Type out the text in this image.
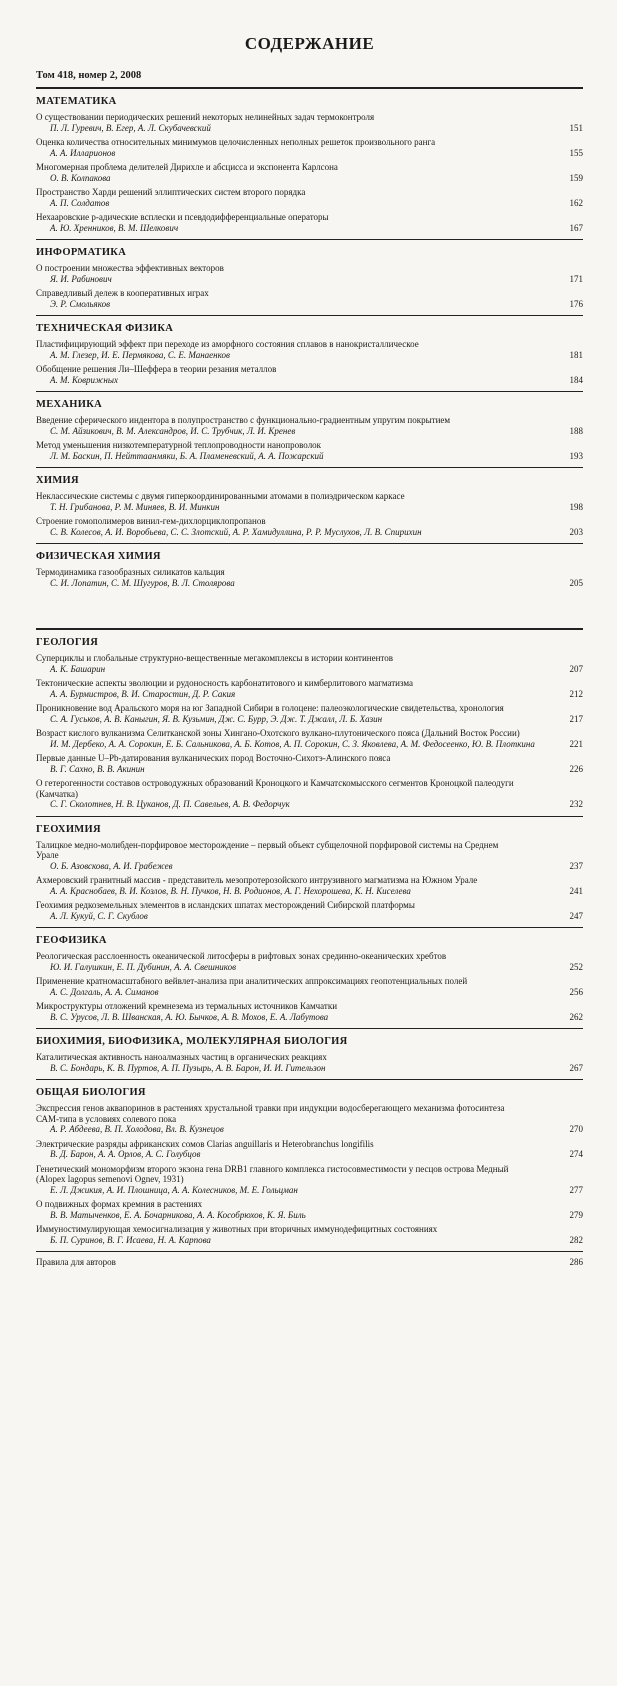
СОДЕРЖАНИЕ
Том 418, номер 2, 2008
МАТЕМАТИКА
О существовании периодических решений некоторых нелинейных задач термоконтроля
П. Л. Гуревич, В. Егер, А. Л. Скубачевский	151
Оценка количества относительных минимумов целочисленных неполных решеток произвольного ранга
А. А. Илларионов	155
Многомерная проблема делителей Дирихле и абсцисса и экспонента Карлсона
О. В. Колпакова	159
Пространство Харди решений эллиптических систем второго порядка
А. П. Солдатов	162
Нехааровские р-адические всплески и псевдодифференциальные операторы
А. Ю. Хренников, В. М. Шелкович	167
ИНФОРМАТИКА
О построении множества эффективных векторов
Я. И. Рабинович	171
Справедливый дележ в кооперативных играх
Э. Р. Смольяков	176
ТЕХНИЧЕСКАЯ ФИЗИКА
Пластифицирующий эффект при переходе из аморфного состояния сплавов в нанокристаллическое
А. М. Глезер, И. Е. Пермякова, С. Е. Манаенков	181
Обобщение решения Ли–Шеффера в теории резания металлов
А. М. Коврижных	184
МЕХАНИКА
Введение сферического индентора в полупространство с функционально-градиентным упругим покрытием
С. М. Айзикович, В. М. Александров, И. С. Трубчик, Л. И. Кренев	188
Метод уменьшения низкотемпературной теплопроводности нанопроволок
Л. М. Баскин, П. Нейттаанмяки, Б. А. Пламеневский, А. А. Пожарский	193
ХИМИЯ
Неклассические системы с двумя гиперкоординированными атомами в полиэдрическом каркасе
Т. Н. Грибанова, Р. М. Миняев, В. И. Минкин	198
Строение гомополимеров винил-гем-дихлорциклопропанов
С. В. Колесов, А. И. Воробьева, С. С. Злотский, А. Р. Хамидуллина, Р. Р. Муслухов, Л. В. Спирихин	203
ФИЗИЧЕСКАЯ ХИМИЯ
Термодинамика газообразных силикатов кальция
С. И. Лопатин, С. М. Шугуров, В. Л. Столярова	205
ГЕОЛОГИЯ
Суперциклы и глобальные структурно-вещественные мегакомплексы в истории континентов
А. К. Башарин	207
Тектонические аспекты эволюции и рудоносность карбонатитового и кимберлитового магматизма
А. А. Бурмистров, В. И. Старостин, Д. Р. Сакия	212
Проникновение вод Аральского моря на юг Западной Сибири в голоцене: палеоэкологические свидетельства, хронология
С. А. Гуськов, А. В. Каныгин, Я. В. Кузьмин, Дж. С. Бурр, Э. Дж. Т. Джалл, Л. Б. Хазин	217
Возраст кислого вулканизма Селитканской зоны Хингано-Охотского вулкано-плутонического пояса (Дальний Восток России)
И. М. Дербеко, А. А. Сорокин, Е. Б. Сальникова, А. Б. Котов, А. П. Сорокин, С. З. Яковлева, А. М. Федосеенко, Ю. В. Плоткина	221
Первые данные U–Pb-датирования вулканических пород Восточно-Сихотэ-Алинского пояса
В. Г. Сахно, В. В. Акинин	226
О гетерогенности составов островодужных образований Кроноцкого и Камчатскомысского сегментов Кроноцкой палеодуги (Камчатка)
С. Г. Сколотнев, Н. В. Цуканов, Д. П. Савельев, А. В. Федорчук	232
ГЕОХИМИЯ
Талицкое медно-молибден-порфировое месторождение – первый объект субщелочной порфировой системы на Среднем Урале
О. Б. Азовскова, А. И. Грабежев	237
Ахмеровский гранитный массив - представитель мезопротерозойского интрузивного магматизма на Южном Урале
А. А. Краснобаев, В. И. Козлов, В. Н. Пучков, Н. В. Родионов, А. Г. Нехорошева, К. Н. Киселева	241
Геохимия редкоземельных элементов в исландских шпатах месторождений Сибирской платформы
А. Л. Кукуй, С. Г. Скублов	247
ГЕОФИЗИКА
Реологическая расслоенность океанической литосферы в рифтовых зонах срединно-океанических хребтов
Ю. И. Галушкин, Е. П. Дубинин, А. А. Свешников	252
Применение кратномасштабного вейвлет-анализа при аналитических аппроксимациях геопотенциальных полей
А. С. Долгаль, А. А. Симанов	256
Микроструктуры отложений кремнезема из термальных источников Камчатки
В. С. Урусов, Л. В. Шванская, А. Ю. Бычков, А. В. Мохов, Е. А. Лабутова	262
БИОХИМИЯ, БИОФИЗИКА, МОЛЕКУЛЯРНАЯ БИОЛОГИЯ
Каталитическая активность наноалмазных частиц в органических реакциях
В. С. Бондарь, К. В. Пуртов, А. П. Пузырь, А. В. Барон, И. И. Гительзон	267
ОБЩАЯ БИОЛОГИЯ
Экспрессия генов аквапоринов в растениях хрустальной травки при индукции водосберегающего механизма фотосинтеза САМ-типа в условиях солевого пока
А. Р. Абдеева, В. П. Холодова, Вл. В. Кузнецов	270
Электрические разряды африканских сомов Clarias anguillaris и Heterobranchus longifilis
В. Д. Барон, А. А. Орлов, А. С. Голубцов	274
Генетический мономорфизм второго экзона гена DRB1 главного комплекса гистосовместимости у песцов острова Медный (Alopex lagopus semenovi Ognev, 1931)
Е. Л. Джикия, А. И. Плошница, А. А. Колесников, М. Е. Гольцман	277
О подвижных формах кремния в растениях
В. В. Матыченков, Е. А. Бочарникова, А. А. Кособрюхов, К. Я. Биль	279
Иммуностимулирующая хемосигнализация у животных при вторичных иммунодефицитных состояниях
Б. П. Суринов, В. Г. Исаева, Н. А. Карпова	282
Правила для авторов	286
